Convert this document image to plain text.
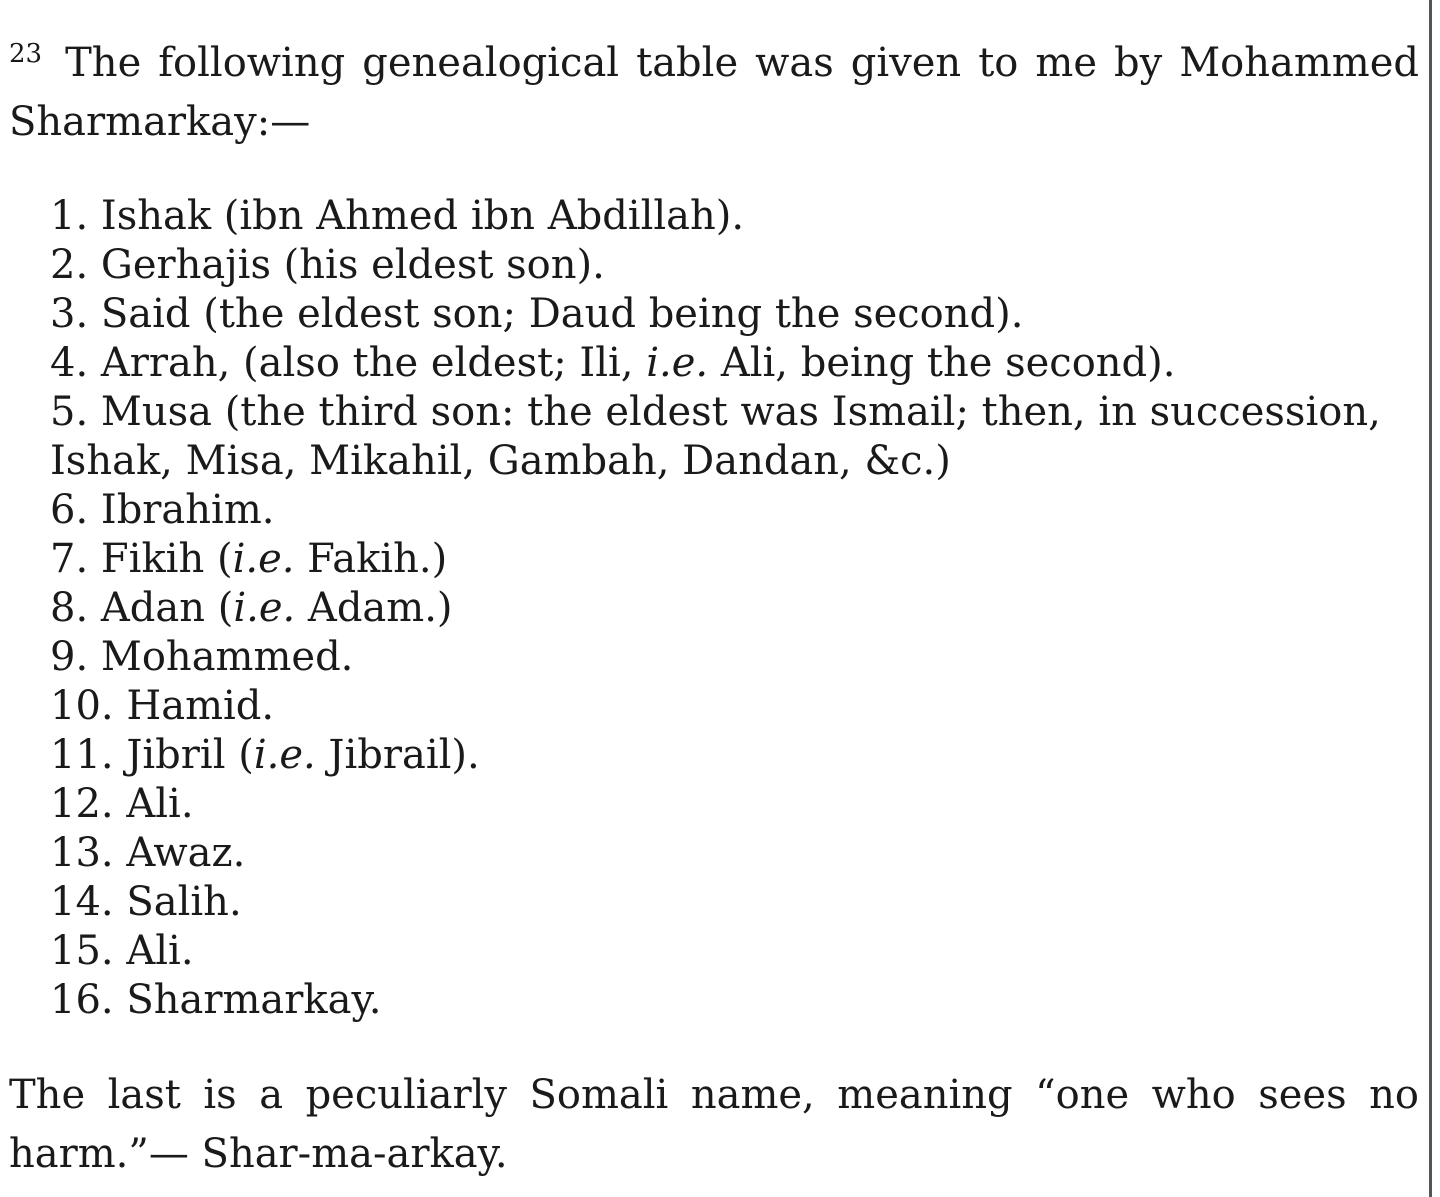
$^{23}$ The following genealogical table was given to me by Mohammed Sharmarkay:—

1. Ishak (ibn Ahmed ibn Abdillah).
2. Gerhajis (his eldest son).
3. Said (the eldest son; Daud being the second).
4. Arrah, (also the eldest; Ili, i.e. Ali, being the second).
5. Musa (the third son: the eldest was Ismail; then, in succession, Ishak, Misa, Mikahil, Gambah, Dandan, &c.)
6. Ibrahim.
7. Fikih (i.e. Fakih.)
8. Adan (i.e. Adam.)
9. Mohammed.
10. Hamid.
11. Jibril (i.e. Jibrail).
12. Ali.
13. Awaz.
14. Salih.
15. Ali.
16. Sharmarkay.

The last is a peculiarly Somali name, meaning “one who sees no harm.”— Shar-ma-arkay.
